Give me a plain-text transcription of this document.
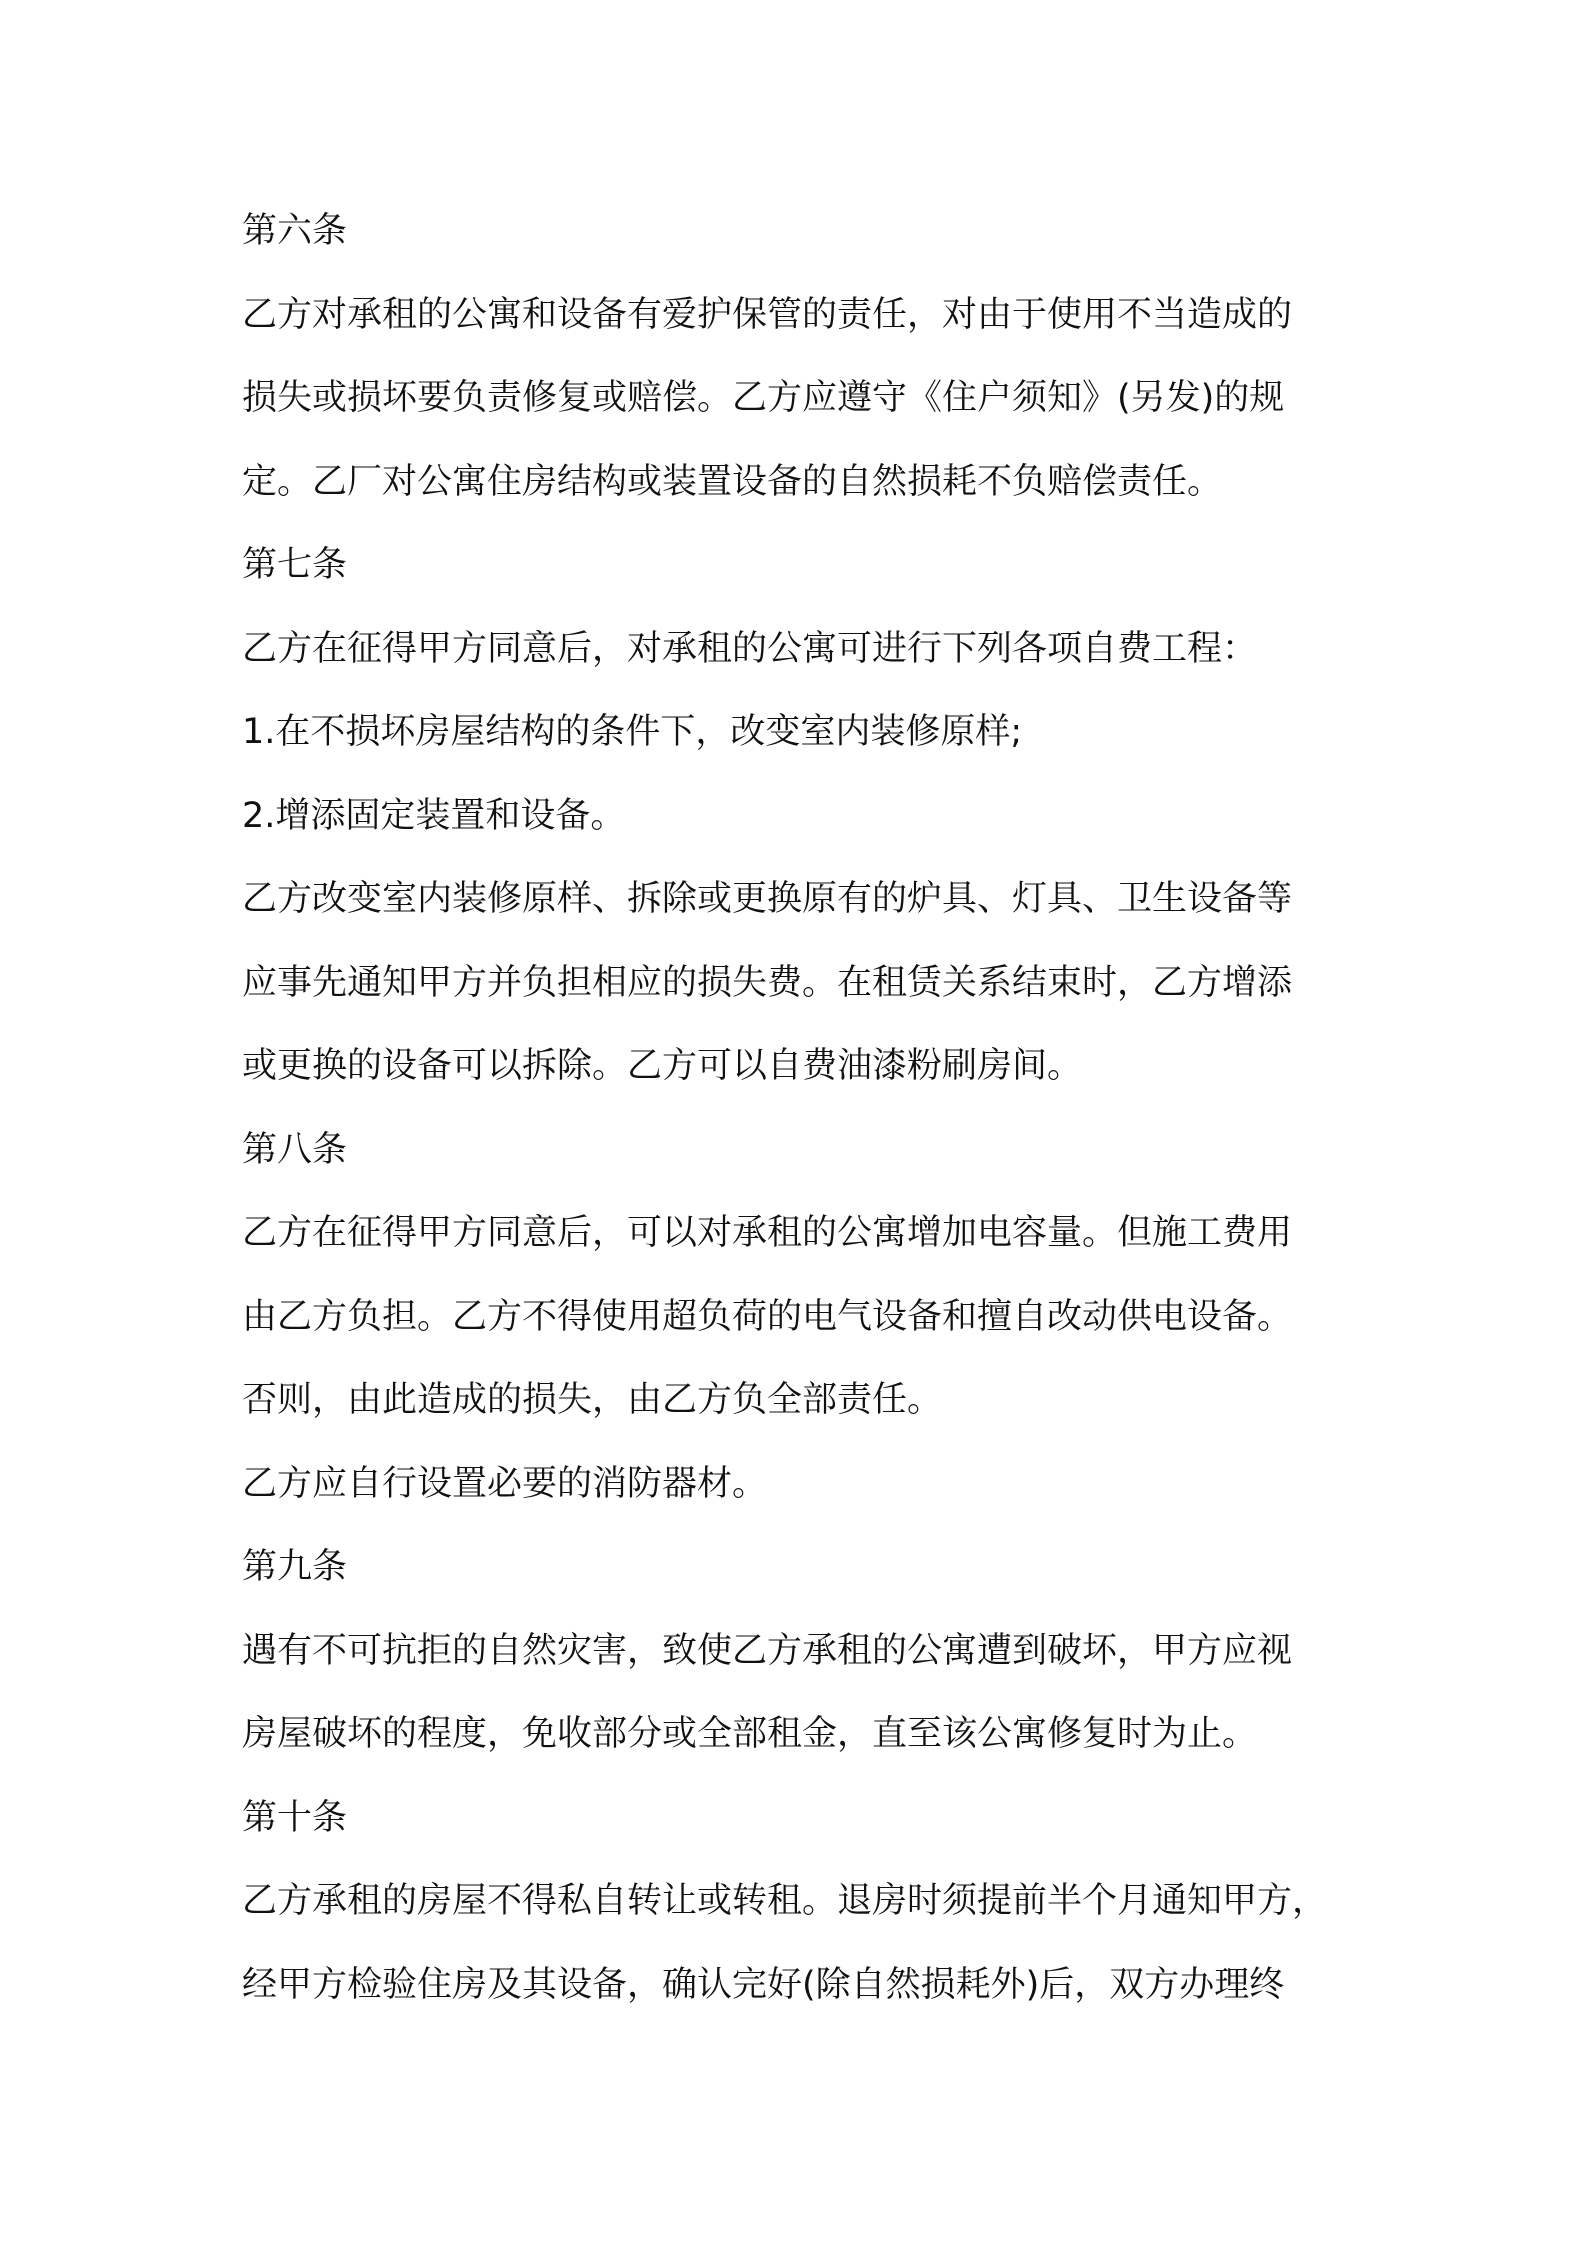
第六条

乙方对承租的公寓和设备有爱护保管的责任，对由于使用不当造成的

损失或损坏要负责修复或赔偿。乙方应遵守《住户须知》(另发)的规

定。乙厂对公寓住房结构或装置设备的自然损耗不负赔偿责任。

第七条

乙方在征得甲方同意后，对承租的公寓可进行下列各项自费工程：

1.在不损坏房屋结构的条件下，改变室内装修原样;

2.增添固定装置和设备。

乙方改变室内装修原样、拆除或更换原有的炉具、灯具、卫生设备等

应事先通知甲方并负担相应的损失费。在租赁关系结束时，乙方增添

或更换的设备可以拆除。乙方可以自费油漆粉刷房间。

第八条

乙方在征得甲方同意后，可以对承租的公寓增加电容量。但施工费用

由乙方负担。乙方不得使用超负荷的电气设备和擅自改动供电设备。

否则，由此造成的损失，由乙方负全部责任。

乙方应自行设置必要的消防器材。

第九条

遇有不可抗拒的自然灾害，致使乙方承租的公寓遭到破坏，甲方应视

房屋破坏的程度，免收部分或全部租金，直至该公寓修复时为止。

第十条

乙方承租的房屋不得私自转让或转租。退房时须提前半个月通知甲方，

经甲方检验住房及其设备，确认完好(除自然损耗外)后，双方办理终
